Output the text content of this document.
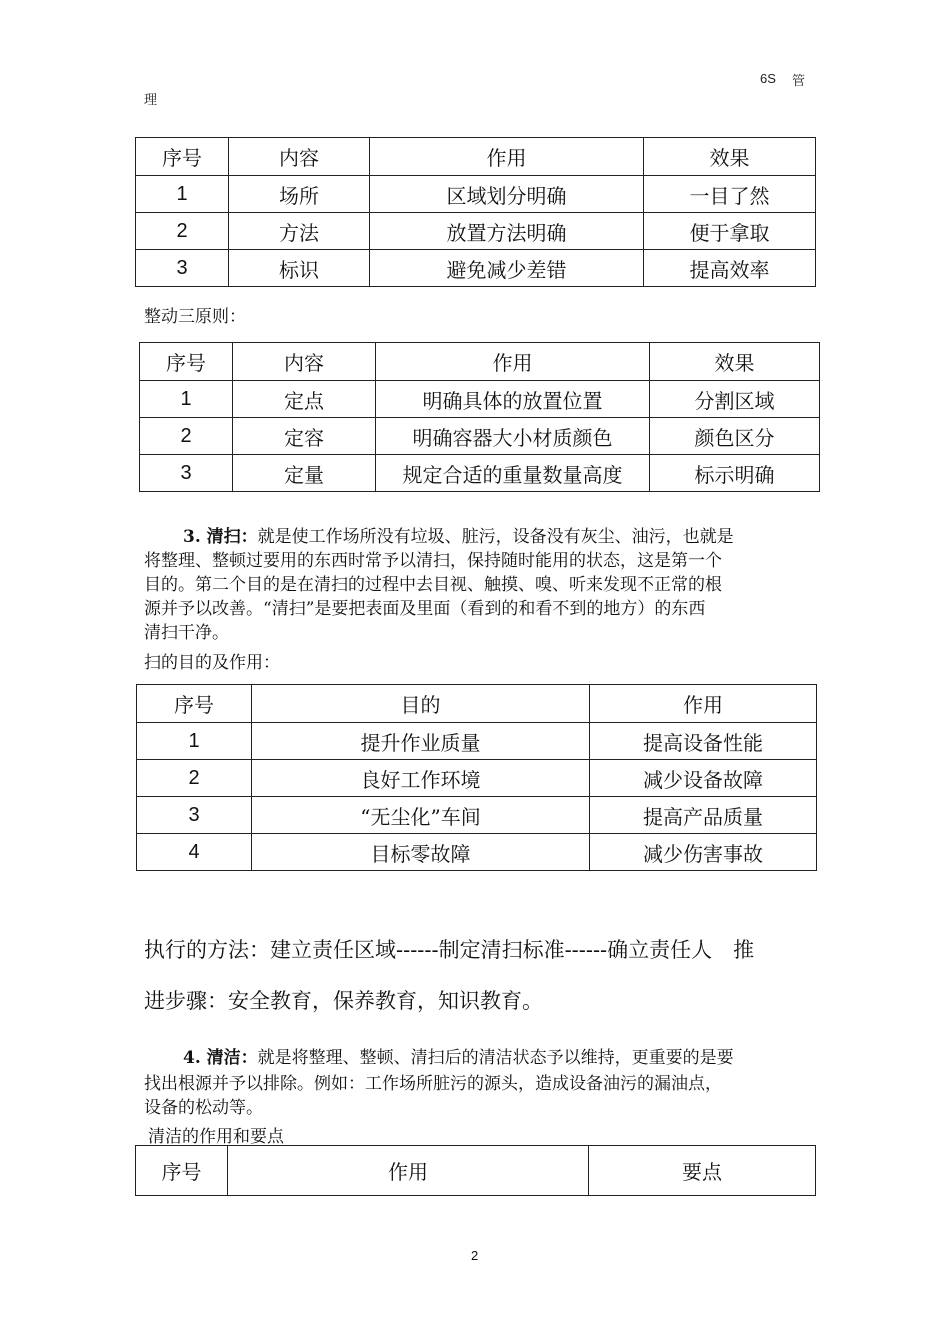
6S 管
理
序号	内容	作用	效果
1	场所	区域划分明确	一目了然
2	方法	放置方法明确	便于拿取
3	标识	避免减少差错	提高效率
整动三原则：
序号	内容	作用	效果
1	定点	明确具体的放置位置	分割区域
2	定容	明确容器大小材质颜色	颜色区分
3	定量	规定合适的重量数量高度	标示明确
3. 清扫：就是使工作场所没有垃圾、脏污，设备没有灰尘、油污，也就是
将整理、整顿过要用的东西时常予以清扫，保持随时能用的状态，这是第一个
目的。第二个目的是在清扫的过程中去目视、触摸、嗅、听来发现不正常的根
源并予以改善。“清扫”是要把表面及里面（看到的和看不到的地方）的东西
清扫干净。
扫的目的及作用：
序号	目的	作用
1	提升作业质量	提高设备性能
2	良好工作环境	减少设备故障
3	“无尘化”车间	提高产品质量
4	目标零故障	减少伤害事故
执行的方法：建立责任区域------制定清扫标准------确立责任人　推
进步骤：安全教育，保养教育，知识教育。
4. 清洁：就是将整理、整顿、清扫后的清洁状态予以维持，更重要的是要
找出根源并予以排除。例如：工作场所脏污的源头，造成设备油污的漏油点，
设备的松动等。
清洁的作用和要点
序号	作用	要点
2
